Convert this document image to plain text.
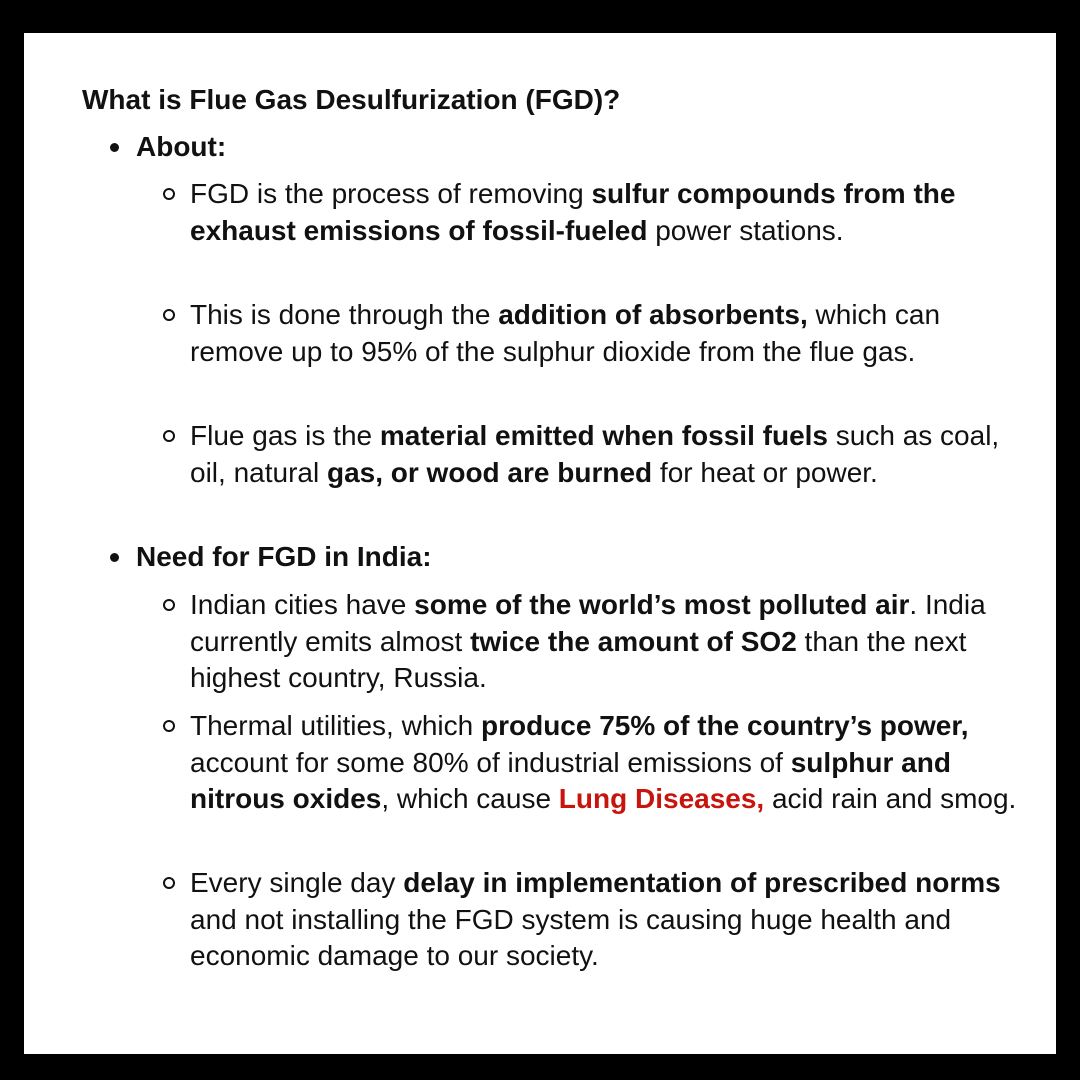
What is Flue Gas Desulfurization (FGD)?
About:

FGD is the process of removing sulfur compounds from the exhaust emissions of fossil-fueled power stations.

This is done through the addition of absorbents, which can remove up to 95% of the sulphur dioxide from the flue gas.

Flue gas is the material emitted when fossil fuels such as coal, oil, natural gas, or wood are burned for heat or power.

Need for FGD in India:

Indian cities have some of the world’s most polluted air. India currently emits almost twice the amount of SO2 than the next highest country, Russia.

Thermal utilities, which produce 75% of the country’s power, account for some 80% of industrial emissions of sulphur and nitrous oxides, which cause Lung Diseases, acid rain and smog.

Every single day delay in implementation of prescribed norms and not installing the FGD system is causing huge health and economic damage to our society.
